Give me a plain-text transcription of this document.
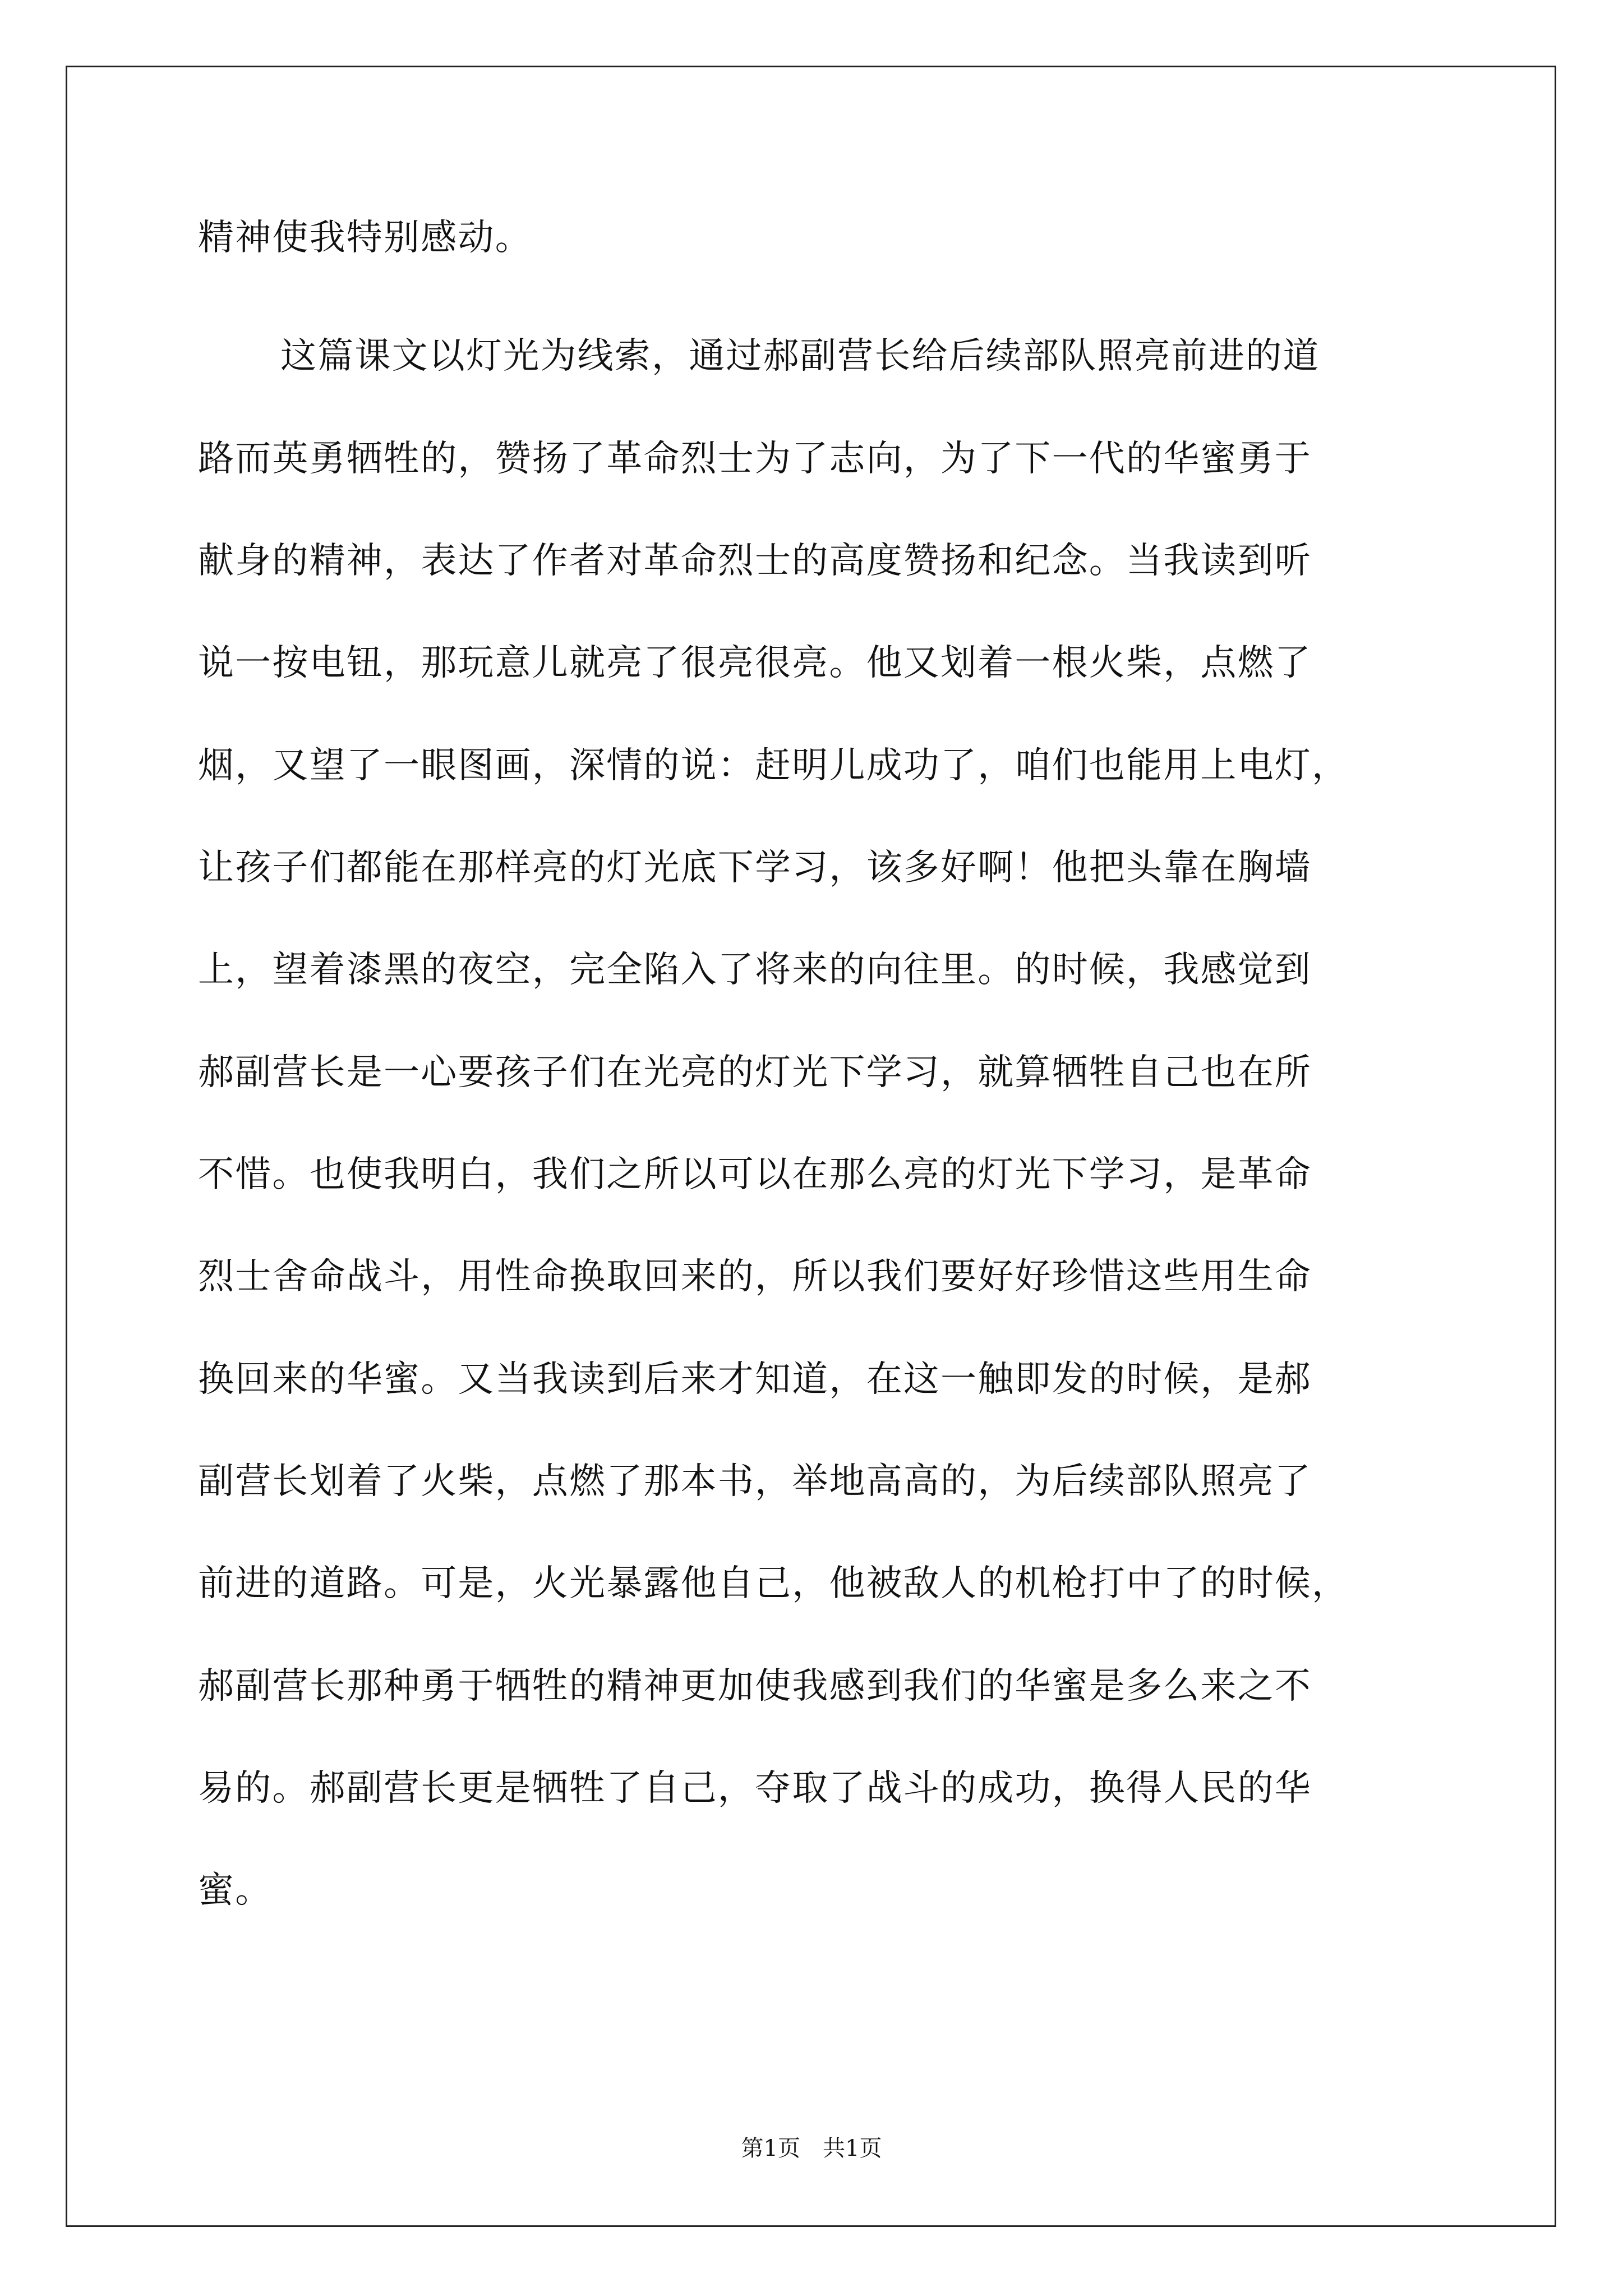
精神使我特别感动。
这篇课文以灯光为线索，通过郝副营长给后续部队照亮前进的道
路而英勇牺牲的，赞扬了革命烈士为了志向，为了下一代的华蜜勇于
献身的精神，表达了作者对革命烈士的高度赞扬和纪念。当我读到听
说一按电钮，那玩意儿就亮了很亮很亮。他又划着一根火柴，点燃了
烟，又望了一眼图画，深情的说：赶明儿成功了，咱们也能用上电灯，
让孩子们都能在那样亮的灯光底下学习，该多好啊！他把头靠在胸墙
上，望着漆黑的夜空，完全陷入了将来的向往里。的时候，我感觉到
郝副营长是一心要孩子们在光亮的灯光下学习，就算牺牲自己也在所
不惜。也使我明白，我们之所以可以在那么亮的灯光下学习，是革命
烈士舍命战斗，用性命换取回来的，所以我们要好好珍惜这些用生命
换回来的华蜜。又当我读到后来才知道，在这一触即发的时候，是郝
副营长划着了火柴，点燃了那本书，举地高高的，为后续部队照亮了
前进的道路。可是，火光暴露他自己，他被敌人的机枪打中了的时候，
郝副营长那种勇于牺牲的精神更加使我感到我们的华蜜是多么来之不
易的。郝副营长更是牺牲了自己，夺取了战斗的成功，换得人民的华
蜜。
第1页 共1页
